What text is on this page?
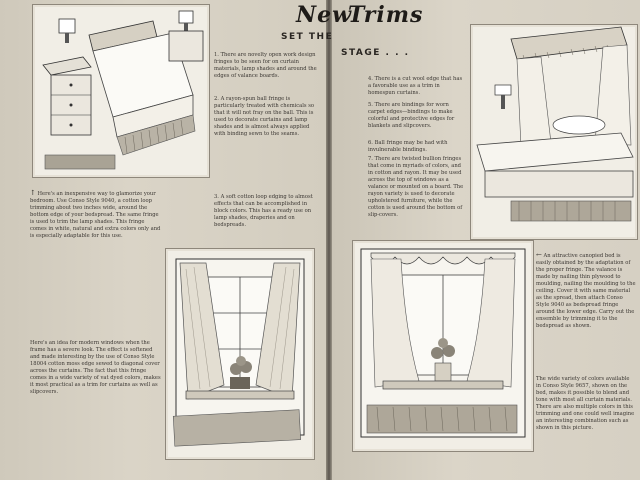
New
Trims
SET THE
STAGE . . .
1. There are novelty open work design fringes to be seen for on curtain materials, lamp shades and around the edges of valance boards.
2. A rayon-spun ball fringe is particularly treated with chemicals so that it will not fray on the ball. This is used to decorate curtains and lamp shades and is almost always applied with binding sewn to the seams.
3. A soft cotton loop edging to almost effects that can be accomplished in block colors. This has a ready use on lamp shades, draperies and on bedspreads.
↑ Here's an inexpensive way to glamorize your bedroom. Use Conso Style 9040, a cotton loop trimming about two inches wide, around the bottom edge of your bedspread. The same fringe is used to trim the lamp shades. This fringe comes in white, natural and extra colors only and is especially adaptable for this use.
Here's an idea for modern windows when the frame has a severe look. The effect is softened and made interesting by the use of Conso Style 18004 cotton moss edge sewed to diagonal cover across the curtains. The fact that this fringe comes in a wide variety of vat dyed colors, makes it most practical as a trim for curtains as well as slipcovers.
4. There is a cut wool edge that has a favorable use as a trim in homespun curtains.
5. There are bindings for worn carpet edges—bindings to make colorful and protective edges for blankets and slipcovers.
6. Ball fringe may be had with invulnerable bindings.
7. There are twisted bullion fringes that come in myriads of colors, and in cotton and rayon. It may be used across the top of windows as a valance or mounted on a board. The rayon variety is used to decorate upholstered furniture, while the cotton is used around the bottom of slip-covers.
← An attractive canopied bed is easily obtained by the adaptation of the proper fringe. The valance is made by nailing thin plywood to moulding, nailing the moulding to the ceiling. Cover it with same material as the spread, then attach Conso Style 9040 as bedspread fringe around the lower edge. Carry out the ensemble by trimming it to the bedspread as shown.
The wide variety of colors available in Conso Style 9657, shown on the bed, makes it possible to blend and tone with most all curtain materials. There are also multiple colors in this trimming and one could well imagine an interesting combination such as shown in this picture.
